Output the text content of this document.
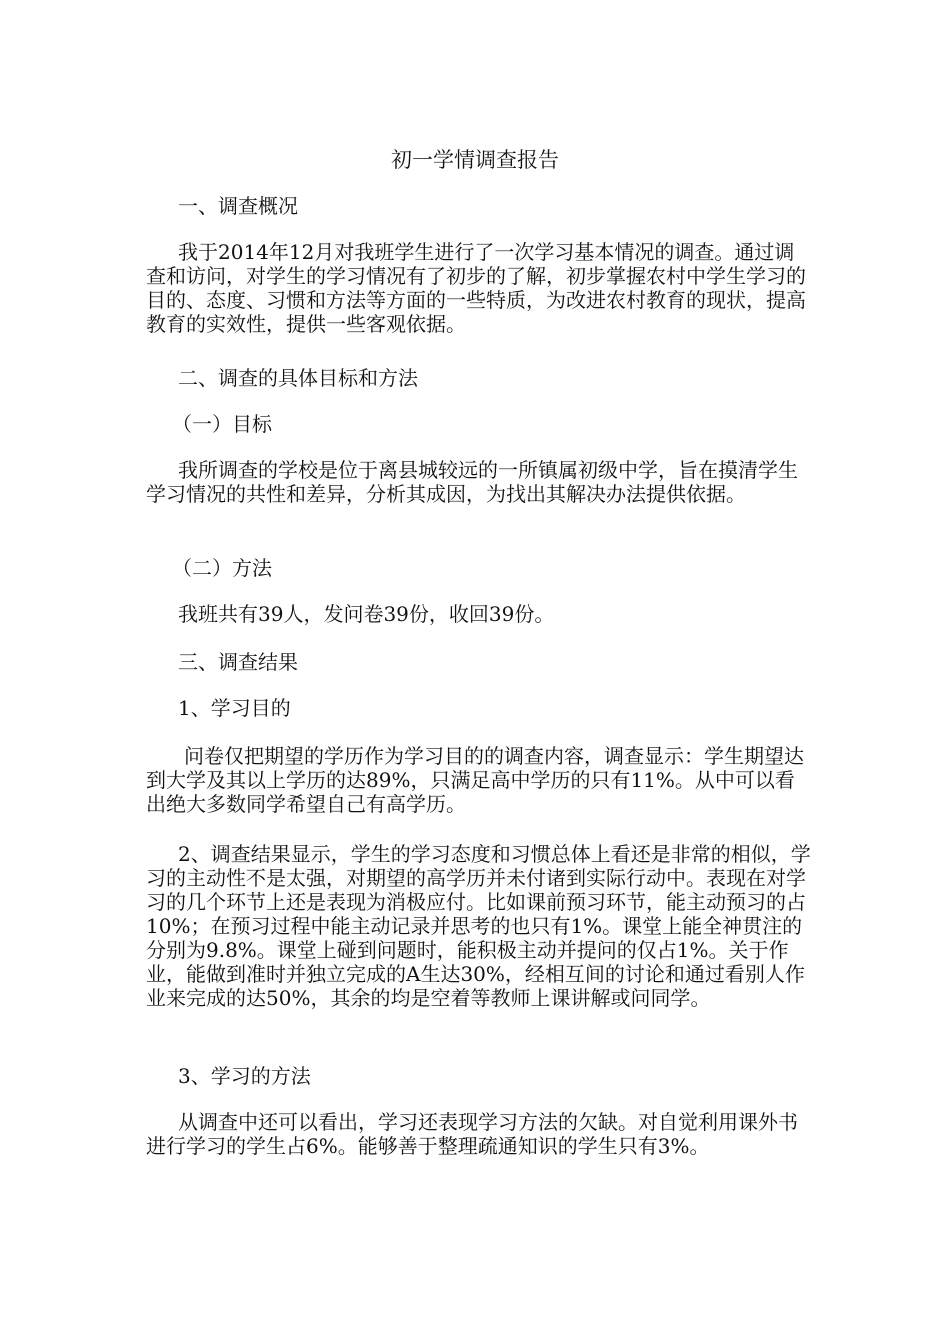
初一学情调查报告
一、调查概况
我于2014年12月对我班学生进行了一次学习基本情况的调查。通过调查和访问，对学生的学习情况有了初步的了解，初步掌握农村中学生学习的目的、态度、习惯和方法等方面的一些特质，为改进农村教育的现状，提高教育的实效性，提供一些客观依据。
二、调查的具体目标和方法
（一）目标
我所调查的学校是位于离县城较远的一所镇属初级中学，旨在摸清学生学习情况的共性和差异，分析其成因，为找出其解决办法提供依据。
（二）方法
我班共有39人，发问卷39份，收回39份。
三、调查结果
1、学习目的
问卷仅把期望的学历作为学习目的的调查内容，调查显示：学生期望达到大学及其以上学历的达89%，只满足高中学历的只有11%。从中可以看出绝大多数同学希望自己有高学历。
2、调查结果显示，学生的学习态度和习惯总体上看还是非常的相似，学习的主动性不是太强，对期望的高学历并未付诸到实际行动中。表现在对学习的几个环节上还是表现为消极应付。比如课前预习环节，能主动预习的占10%；在预习过程中能主动记录并思考的也只有1%。课堂上能全神贯注的分别为9.8%。课堂上碰到问题时，能积极主动并提问的仅占1%。关于作业，能做到准时并独立完成的A生达30%，经相互间的讨论和通过看别人作业来完成的达50%，其余的均是空着等教师上课讲解或问同学。
3、学习的方法
从调查中还可以看出，学习还表现学习方法的欠缺。对自觉利用课外书进行学习的学生占6%。能够善于整理疏通知识的学生只有3%。
